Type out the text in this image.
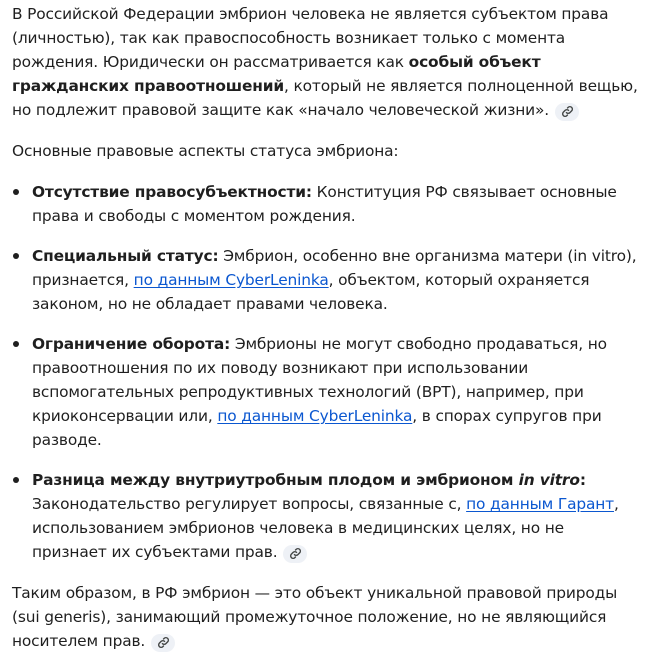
В Российской Федерации эмбрион человека не является субъектом права (личностью), так как правоспособность возникает только с момента рождения. Юридически он рассматривается как особый объект гражданских правоотношений, который не является полноценной вещью, но подлежит правовой защите как «начало человеческой жизни».

Основные правовые аспекты статуса эмбриона:

Отсутствие правосубъектности: Конституция РФ связывает основные права и свободы с моментом рождения.
Специальный статус: Эмбрион, особенно вне организма матери (in vitro), признается, по данным CyberLeninka, объектом, который охраняется законом, но не обладает правами человека.
Ограничение оборота: Эмбрионы не могут свободно продаваться, но правоотношения по их поводу возникают при использовании вспомогательных репродуктивных технологий (ВРТ), например, при криоконсервации или, по данным CyberLeninka, в спорах супругов при разводе.
Разница между внутриутробным плодом и эмбрионом in vitro: Законодательство регулирует вопросы, связанные с, по данным Гарант, использованием эмбрионов человека в медицинских целях, но не признает их субъектами прав.

Таким образом, в РФ эмбрион — это объект уникальной правовой природы (sui generis), занимающий промежуточное положение, но не являющийся носителем прав.
